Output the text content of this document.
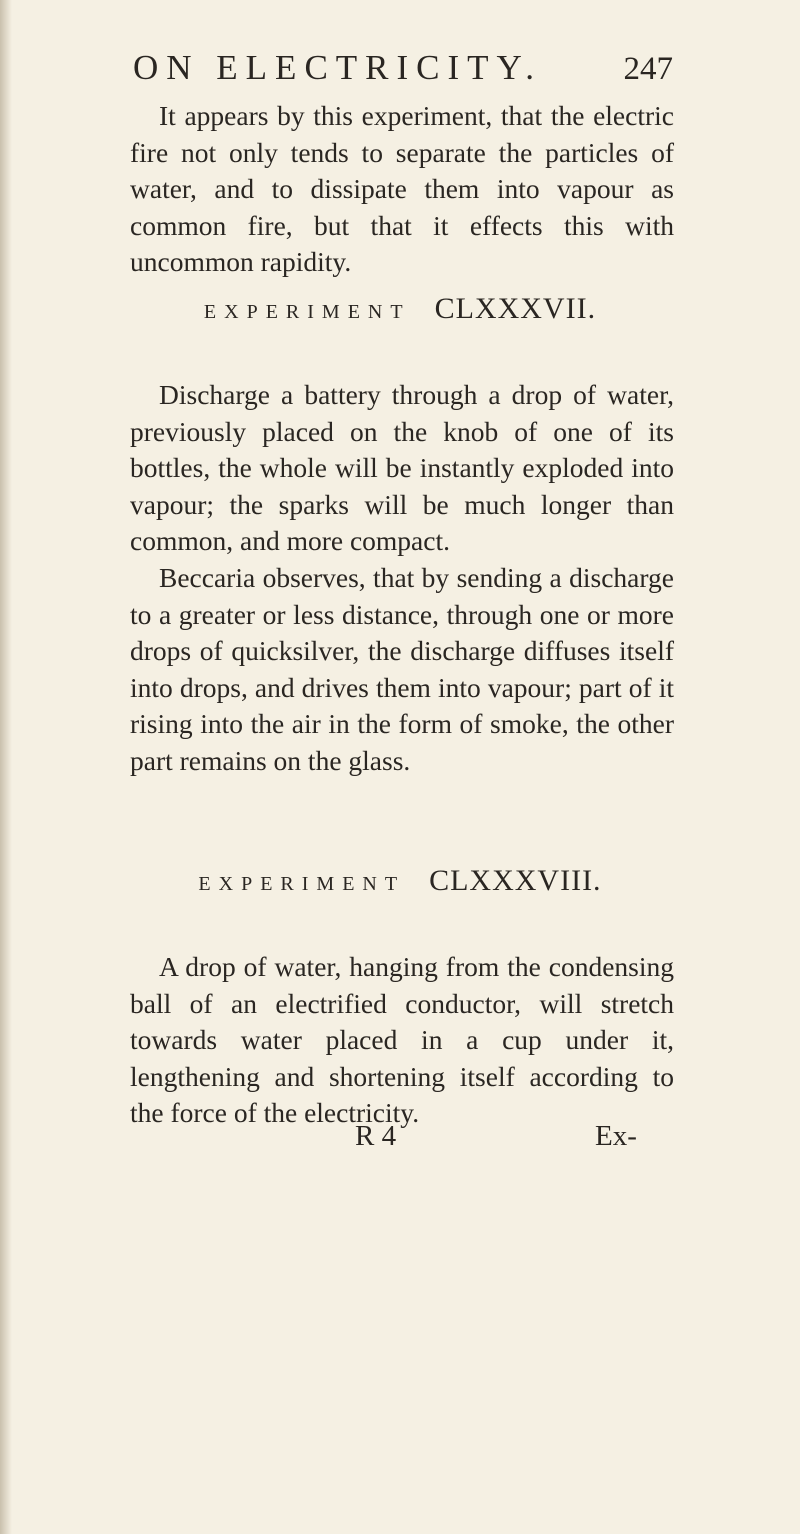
ON ELECTRICITY. 247

It appears by this experiment, that the electric fire not only tends to separate the particles of water, and to dissipate them into vapour as common fire, but that it effects this with uncommon rapidity.

EXPERIMENT CLXXXVII.

Discharge a battery through a drop of water, previously placed on the knob of one of its bottles, the whole will be instantly exploded into vapour; the sparks will be much longer than common, and more compact.

Beccaria observes, that by sending a discharge to a greater or less distance, through one or more drops of quicksilver, the discharge diffuses itself into drops, and drives them into vapour; part of it rising into the air in the form of smoke, the other part remains on the glass.

EXPERIMENT CLXXXVIII.

A drop of water, hanging from the condensing ball of an electrified conductor, will stretch towards water placed in a cup under it, lengthening and shortening itself according to the force of the electricity.

R 4	Ex-
